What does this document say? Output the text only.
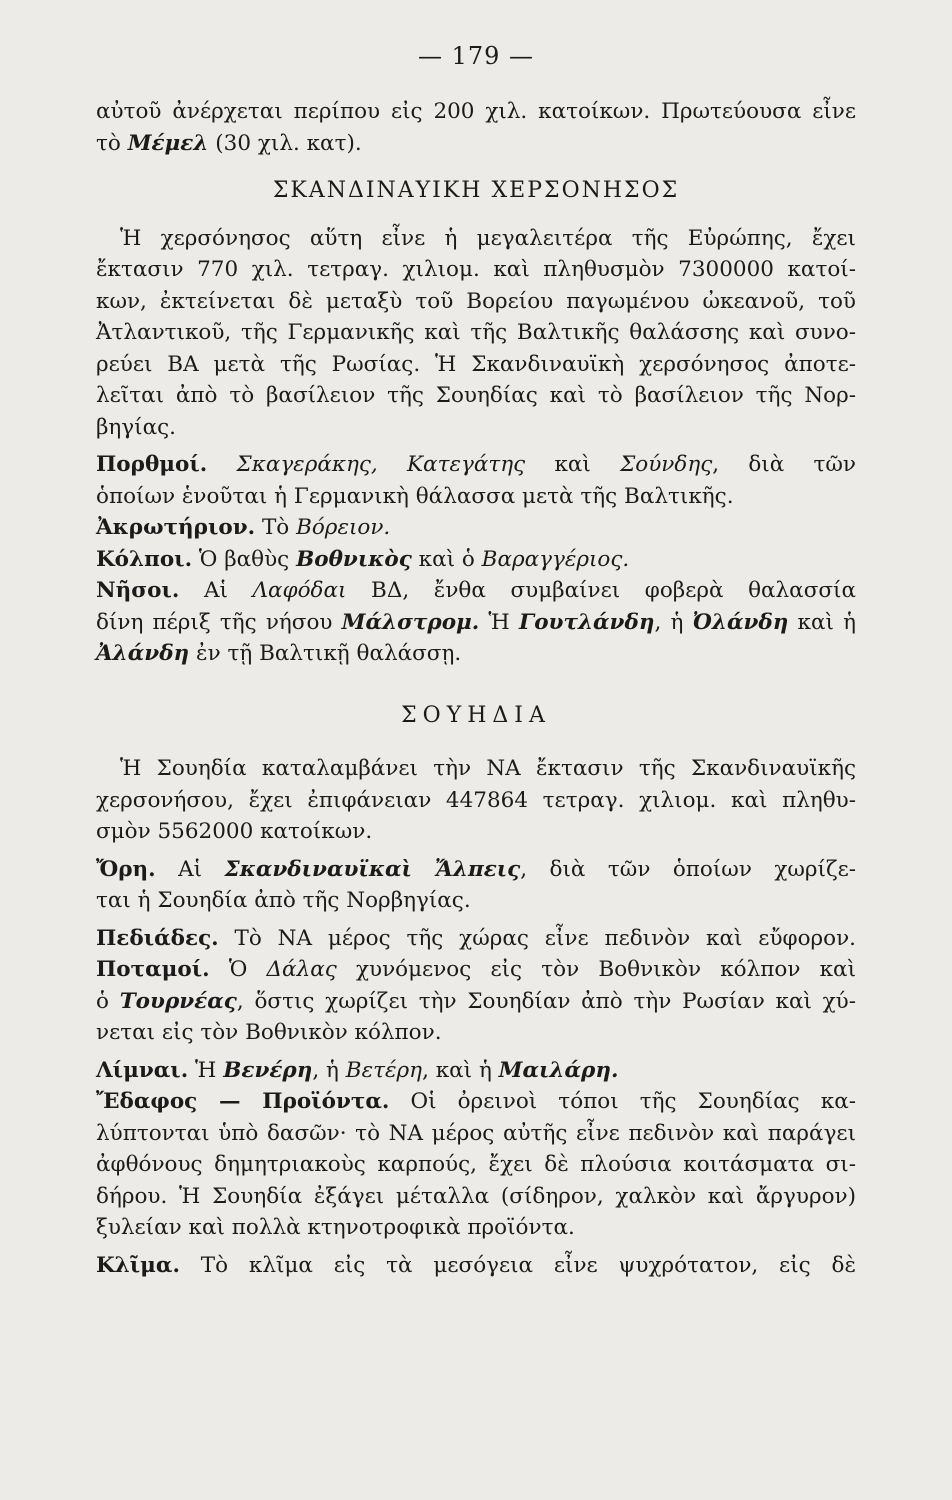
— 179 —
αὐτοῦ ἀνέρχεται περίπου εἰς 200 χιλ. κατοίκων. Πρωτεύουσα εἶνε
τὸ Μέμελ (30 χιλ. κατ).
ΣΚΑΝΔΙΝΑΥΙΚΗ ΧΕΡΣΟΝΗΣΟΣ
Ἡ χερσόνησος αὕτη εἶνε ἡ μεγαλειτέρα τῆς Εὐρώπης, ἔχει
ἔκτασιν 770 χιλ. τετραγ. χιλιομ. καὶ πληθυσμὸν 7300000 κατοί-
κων, ἐκτείνεται δὲ μεταξὺ τοῦ Βορείου παγωμένου ὠκεανοῦ, τοῦ
Ἀτλαντικοῦ, τῆς Γερμανικῆς καὶ τῆς Βαλτικῆς θαλάσσης καὶ συνο-
ρεύει ΒΑ μετὰ τῆς Ρωσίας. Ἡ Σκανδιναυϊκὴ χερσόνησος ἀποτε-
λεῖται ἀπὸ τὸ βασίλειον τῆς Σουηδίας καὶ τὸ βασίλειον τῆς Νορ-
βηγίας.
Πορθμοί. Σκαγεράκης, Κατεγάτης καὶ Σούνδης, διὰ τῶν
ὁποίων ἑνοῦται ἡ Γερμανικὴ θάλασσα μετὰ τῆς Βαλτικῆς.
Ἀκρωτήριον. Τὸ Βόρειον.
Κόλποι. Ὁ βαθὺς Βοθνικὸς καὶ ὁ Βαραγγέριος.
Νῆσοι. Αἱ Λαφόδαι ΒΔ, ἔνθα συμβαίνει φοβερὰ θαλασσία
δίνη πέριξ τῆς νήσου Μάλστρομ. Ἡ Γουτλάνδη, ἡ Ὀλάνδη καὶ ἡ
Ἀλάνδη ἐν τῇ Βαλτικῇ θαλάσσῃ.
ΣΟΥΗΔΙΑ
Ἡ Σουηδία καταλαμβάνει τὴν ΝΑ ἔκτασιν τῆς Σκανδιναυϊκῆς
χερσονήσου, ἔχει ἐπιφάνειαν 447864 τετραγ. χιλιομ. καὶ πληθυ-
σμὸν 5562000 κατοίκων.
Ὄρη. Αἱ Σκανδιναυϊκαὶ Ἄλπεις, διὰ τῶν ὁποίων χωρίζε-
ται ἡ Σουηδία ἀπὸ τῆς Νορβηγίας.
Πεδιάδες. Τὸ ΝΑ μέρος τῆς χώρας εἶνε πεδινὸν καὶ εὔφορον.
Ποταμοί. Ὁ Δάλας χυνόμενος εἰς τὸν Βοθνικὸν κόλπον καὶ
ὁ Τουρνέας, ὅστις χωρίζει τὴν Σουηδίαν ἀπὸ τὴν Ρωσίαν καὶ χύ-
νεται εἰς τὸν Βοθνικὸν κόλπον.
Λίμναι. Ἡ Βενέρη, ἡ Βετέρη, καὶ ἡ Μαιλάρη.
Ἔδαφος — Προϊόντα. Οἱ ὀρεινοὶ τόποι τῆς Σουηδίας κα-
λύπτονται ὑπὸ δασῶν· τὸ ΝΑ μέρος αὐτῆς εἶνε πεδινὸν καὶ παράγει
ἀφθόνους δημητριακοὺς καρπούς, ἔχει δὲ πλούσια κοιτάσματα σι-
δήρου. Ἡ Σουηδία ἐξάγει μέταλλα (σίδηρον, χαλκὸν καὶ ἄργυρον)
ξυλείαν καὶ πολλὰ κτηνοτροφικὰ προϊόντα.
Κλῖμα. Τὸ κλῖμα εἰς τὰ μεσόγεια εἶνε ψυχρότατον, εἰς δὲ
